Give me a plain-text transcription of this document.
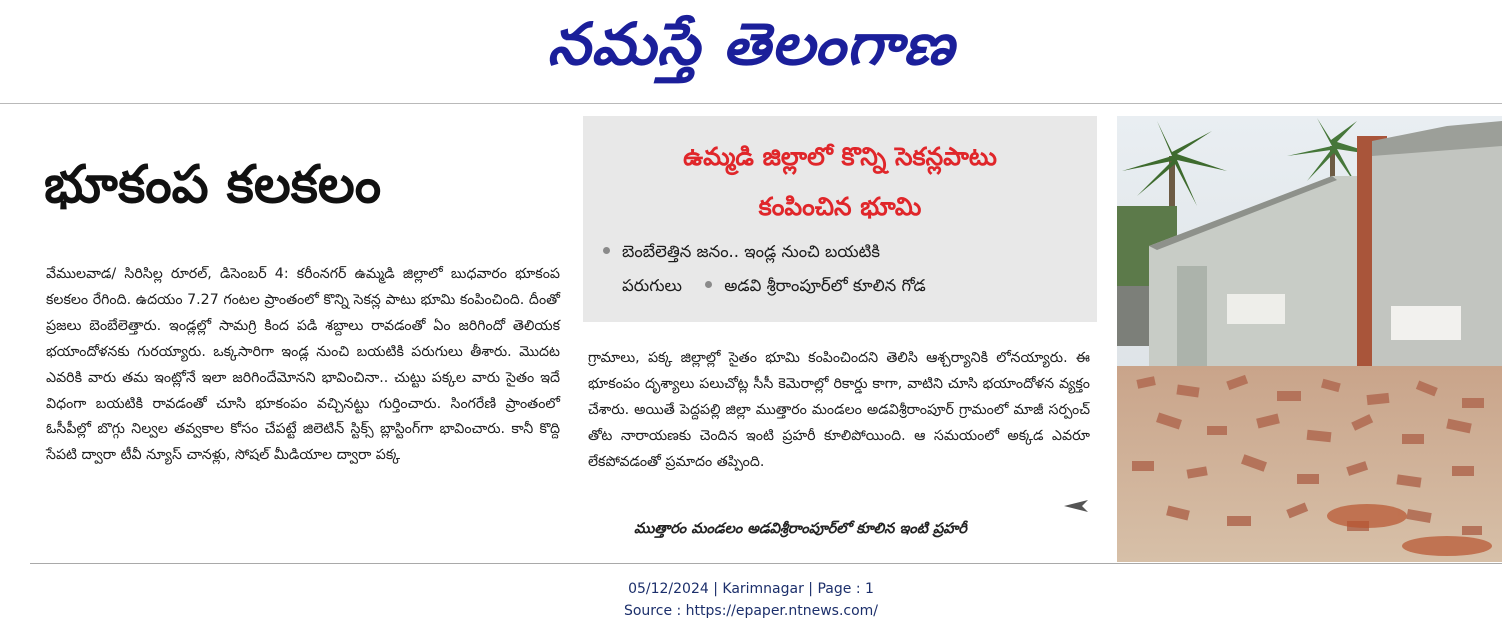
నమస్తే తెలంగాణ
భూకంప కలకలం
వేములవాడ/ సిరిసిల్ల రూరల్‌, డిసెంబర్‌ 4: కరీంనగర్‌ ఉమ్మడి జిల్లాలో బుధవారం భూకంప కలకలం రేగింది. ఉదయం 7.27 గంటల ప్రాంతంలో కొన్ని సెకన్ల పాటు భూమి కంపించింది. దీంతో ప్రజలు బెంబేలెత్తారు. ఇండ్లల్లో సామగ్రి కింద పడి శబ్దాలు రావడంతో ఏం జరిగిందో తెలియక భయాందోళనకు గురయ్యారు. ఒక్కసారిగా ఇండ్ల నుంచి బయటికి పరుగులు తీశారు. మొదట ఎవరికి వారు తమ ఇంట్లోనే ఇలా జరిగిందేమోనని భావించినా.. చుట్టు పక్కల వారు సైతం ఇదే విధంగా బయటికి రావడంతో చూసి భూకంపం వచ్చినట్టు గుర్తించారు. సింగరేణి ప్రాంతంలో ఓసీపీల్లో బొగ్గు నిల్వల తవ్వకాల కోసం చేపట్టే జిలెటిన్‌ స్టిక్స్‌ బ్లాస్టింగ్‌గా భావించారు. కానీ కొద్ది సేపటి ద్వారా టీవీ న్యూస్‌ చానళ్లు, సోషల్‌ మీడియాల ద్వారా పక్క
ఉమ్మడి జిల్లాలో కొన్ని సెకన్లపాటు
కంపించిన భూమి
బెంబేలెత్తిన జనం.. ఇండ్ల నుంచి బయటికి
పరుగులు	అడవి శ్రీరాంపూర్‌లో కూలిన గోడ
గ్రామాలు, పక్క జిల్లాల్లో సైతం భూమి కంపించిందని తెలిసి ఆశ్చర్యానికి లోనయ్యారు. ఈ భూకంపం దృశ్యాలు పలుచోట్ల సీసీ కెమెరాల్లో రికార్డు కాగా, వాటిని చూసి భయాందోళన వ్యక్తం చేశారు. అయితే పెద్దపల్లి జిల్లా ముత్తారం మండలం అడవిశ్రీరాంపూర్‌ గ్రామంలో మాజీ సర్పంచ్‌ తోట నారాయణకు చెందిన ఇంటి ప్రహరీ కూలిపోయింది. ఆ సమయంలో అక్కడ ఎవరూ లేకపోవడంతో ప్రమాదం తప్పింది.
ముత్తారం మండలం అడవిశ్రీరాంపూర్‌లో కూలిన ఇంటి ప్రహరీ
05/12/2024 | Karimnagar | Page : 1
Source : https://epaper.ntnews.com/
